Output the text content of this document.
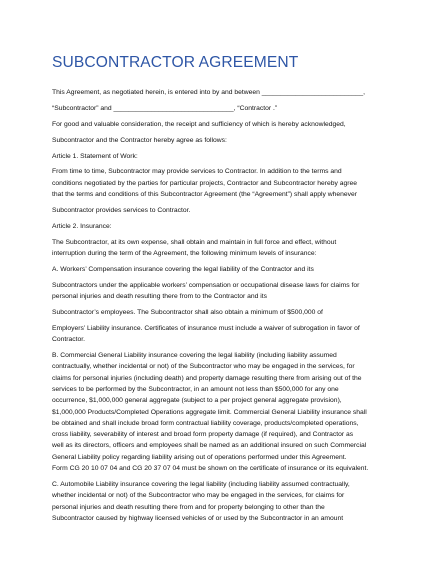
SUBCONTRACTOR AGREEMENT
This Agreement, as negotiated herein, is entered into by and between ___________________________,
“Subcontractor” and ________________________________, “Contractor .”
For good and valuable consideration, the receipt and sufficiency of which is hereby acknowledged,
Subcontractor and the Contractor hereby agree as follows:
Article 1. Statement of Work:
From time to time, Subcontractor may provide services to Contractor. In addition to the terms and
conditions negotiated by the parties for particular projects, Contractor and Subcontractor hereby agree
that the terms and conditions of this Subcontractor Agreement (the “Agreement”) shall apply whenever
Subcontractor provides services to Contractor.
Article 2. Insurance:
The Subcontractor, at its own expense, shall obtain and maintain in full force and effect, without
interruption during the term of the Agreement, the following minimum levels of insurance:
A. Workers’ Compensation insurance covering the legal liability of the Contractor and its
Subcontractors under the applicable workers’ compensation or occupational disease laws for claims for
personal injuries and death resulting there from to the Contractor and its
Subcontractor’s employees. The Subcontractor shall also obtain a minimum of $500,000 of
Employers’ Liability insurance. Certificates of insurance must include a waiver of subrogation in favor of
Contractor.
B. Commercial General Liability insurance covering the legal liability (including liability assumed
contractually, whether incidental or not) of the Subcontractor who may be engaged in the services, for
claims for personal injuries (including death) and property damage resulting there from arising out of the
services to be performed by the Subcontractor, in an amount not less than $500,000 for any one
occurrence, $1,000,000 general aggregate (subject to a per project general aggregate provision),
$1,000,000 Products/Completed Operations aggregate limit. Commercial General Liability insurance shall
be obtained and shall include broad form contractual liability coverage, products/completed operations,
cross liability, severability of interest and broad form property damage (if required), and Contractor as
well as its directors, officers and employees shall be named as an additional insured on such Commercial
General Liability policy regarding liability arising out of operations performed under this Agreement.
Form CG 20 10 07 04 and CG 20 37 07 04 must be shown on the certificate of insurance or its equivalent.
C. Automobile Liability insurance covering the legal liability (including liability assumed contractually,
whether incidental or not) of the Subcontractor who may be engaged in the services, for claims for
personal injuries and death resulting there from and for property belonging to other than the
Subcontractor caused by highway licensed vehicles of or used by the Subcontractor in an amount
